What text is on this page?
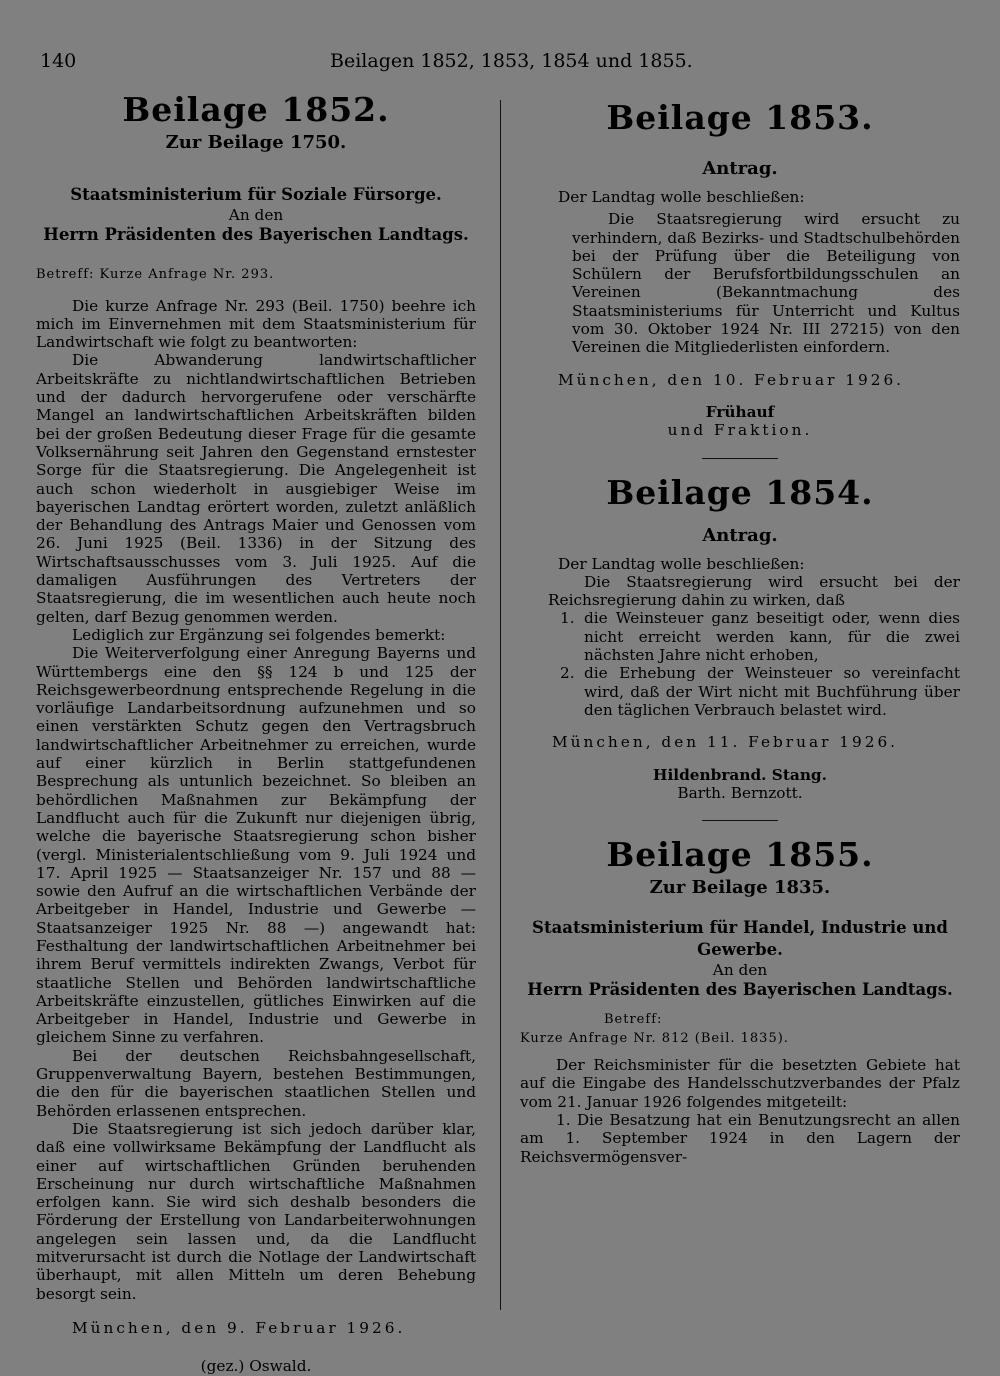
140	Beilagen 1852, 1853, 1854 und 1855.
Beilage 1852.
Zur Beilage 1750.
Staatsministerium für Soziale Fürsorge.
An den
Herrn Präsidenten des Bayerischen Landtags.
Betreff: Kurze Anfrage Nr. 293.

Die kurze Anfrage Nr. 293 (Beil. 1750) beehre ich mich im Einvernehmen mit dem Staatsministerium für Landwirtschaft wie folgt zu beantworten:

Die Abwanderung landwirtschaftlicher Arbeitskräfte zu nichtlandwirtschaftlichen Betrieben und der dadurch hervorgerufene oder verschärfte Mangel an landwirtschaftlichen Arbeitskräften bilden bei der großen Bedeutung dieser Frage für die gesamte Volksernährung seit Jahren den Gegenstand ernstester Sorge für die Staatsregierung. Die Angelegenheit ist auch schon wiederholt in ausgiebiger Weise im bayerischen Landtag erörtert worden, zuletzt anläßlich der Behandlung des Antrags Maier und Genossen vom 26. Juni 1925 (Beil. 1336) in der Sitzung des Wirtschaftsausschusses vom 3. Juli 1925. Auf die damaligen Ausführungen des Vertreters der Staatsregierung, die im wesentlichen auch heute noch gelten, darf Bezug genommen werden.

Lediglich zur Ergänzung sei folgendes bemerkt:

Die Weiterverfolgung einer Anregung Bayerns und Württembergs eine den §§ 124 b und 125 der Reichsgewerbeordnung entsprechende Regelung in die vorläufige Landarbeitsordnung aufzunehmen und so einen verstärkten Schutz gegen den Vertragsbruch landwirtschaftlicher Arbeitnehmer zu erreichen, wurde auf einer kürzlich in Berlin stattgefundenen Besprechung als untunlich bezeichnet. So bleiben an behördlichen Maßnahmen zur Bekämpfung der Landflucht auch für die Zukunft nur diejenigen übrig, welche die bayerische Staatsregierung schon bisher (vergl. Ministerialentschließung vom 9. Juli 1924 und 17. April 1925 — Staatsanzeiger Nr. 157 und 88 — sowie den Aufruf an die wirtschaftlichen Verbände der Arbeitgeber in Handel, Industrie und Gewerbe — Staatsanzeiger 1925 Nr. 88 —) angewandt hat: Festhaltung der landwirtschaftlichen Arbeitnehmer bei ihrem Beruf vermittels indirekten Zwangs, Verbot für staatliche Stellen und Behörden landwirtschaftliche Arbeitskräfte einzustellen, gütliches Einwirken auf die Arbeitgeber in Handel, Industrie und Gewerbe in gleichem Sinne zu verfahren.

Bei der deutschen Reichsbahngesellschaft, Gruppenverwaltung Bayern, bestehen Bestimmungen, die den für die bayerischen staatlichen Stellen und Behörden erlassenen entsprechen.

Die Staatsregierung ist sich jedoch darüber klar, daß eine vollwirksame Bekämpfung der Landflucht als einer auf wirtschaftlichen Gründen beruhenden Erscheinung nur durch wirtschaftliche Maßnahmen erfolgen kann. Sie wird sich deshalb besonders die Förderung der Erstellung von Landarbeiterwohnungen angelegen sein lassen und, da die Landflucht mitverursacht ist durch die Notlage der Landwirtschaft überhaupt, mit allen Mitteln um deren Behebung besorgt sein.

München, den 9. Februar 1926.

(gez.) Oswald.
Beilage 1853.
Antrag.

Der Landtag wolle beschließen:

Die Staatsregierung wird ersucht zu verhindern, daß Bezirks- und Stadtschulbehörden bei der Prüfung über die Beteiligung von Schülern der Berufsfortbildungsschulen an Vereinen (Bekanntmachung des Staatsministeriums für Unterricht und Kultus vom 30. Oktober 1924 Nr. III 27215) von den Vereinen die Mitgliederlisten einfordern.

München, den 10. Februar 1926.

Frühauf
und Fraktion.
Beilage 1854.
Antrag.

Der Landtag wolle beschließen:

Die Staatsregierung wird ersucht bei der Reichsregierung dahin zu wirken, daß

1. die Weinsteuer ganz beseitigt oder, wenn dies nicht erreicht werden kann, für die zwei nächsten Jahre nicht erhoben,
2. die Erhebung der Weinsteuer so vereinfacht wird, daß der Wirt nicht mit Buchführung über den täglichen Verbrauch belastet wird.

München, den 11. Februar 1926.

Hildenbrand. Stang.
Barth. Bernzott.
Beilage 1855.
Zur Beilage 1835.
Staatsministerium für Handel, Industrie und Gewerbe.
An den
Herrn Präsidenten des Bayerischen Landtags.
Betreff:
Kurze Anfrage Nr. 812 (Beil. 1835).

Der Reichsminister für die besetzten Gebiete hat auf die Eingabe des Handelsschutzverbandes der Pfalz vom 21. Januar 1926 folgendes mitgeteilt:

1. Die Besatzung hat ein Benutzungsrecht an allen am 1. September 1924 in den Lagern der Reichsvermögensver-
